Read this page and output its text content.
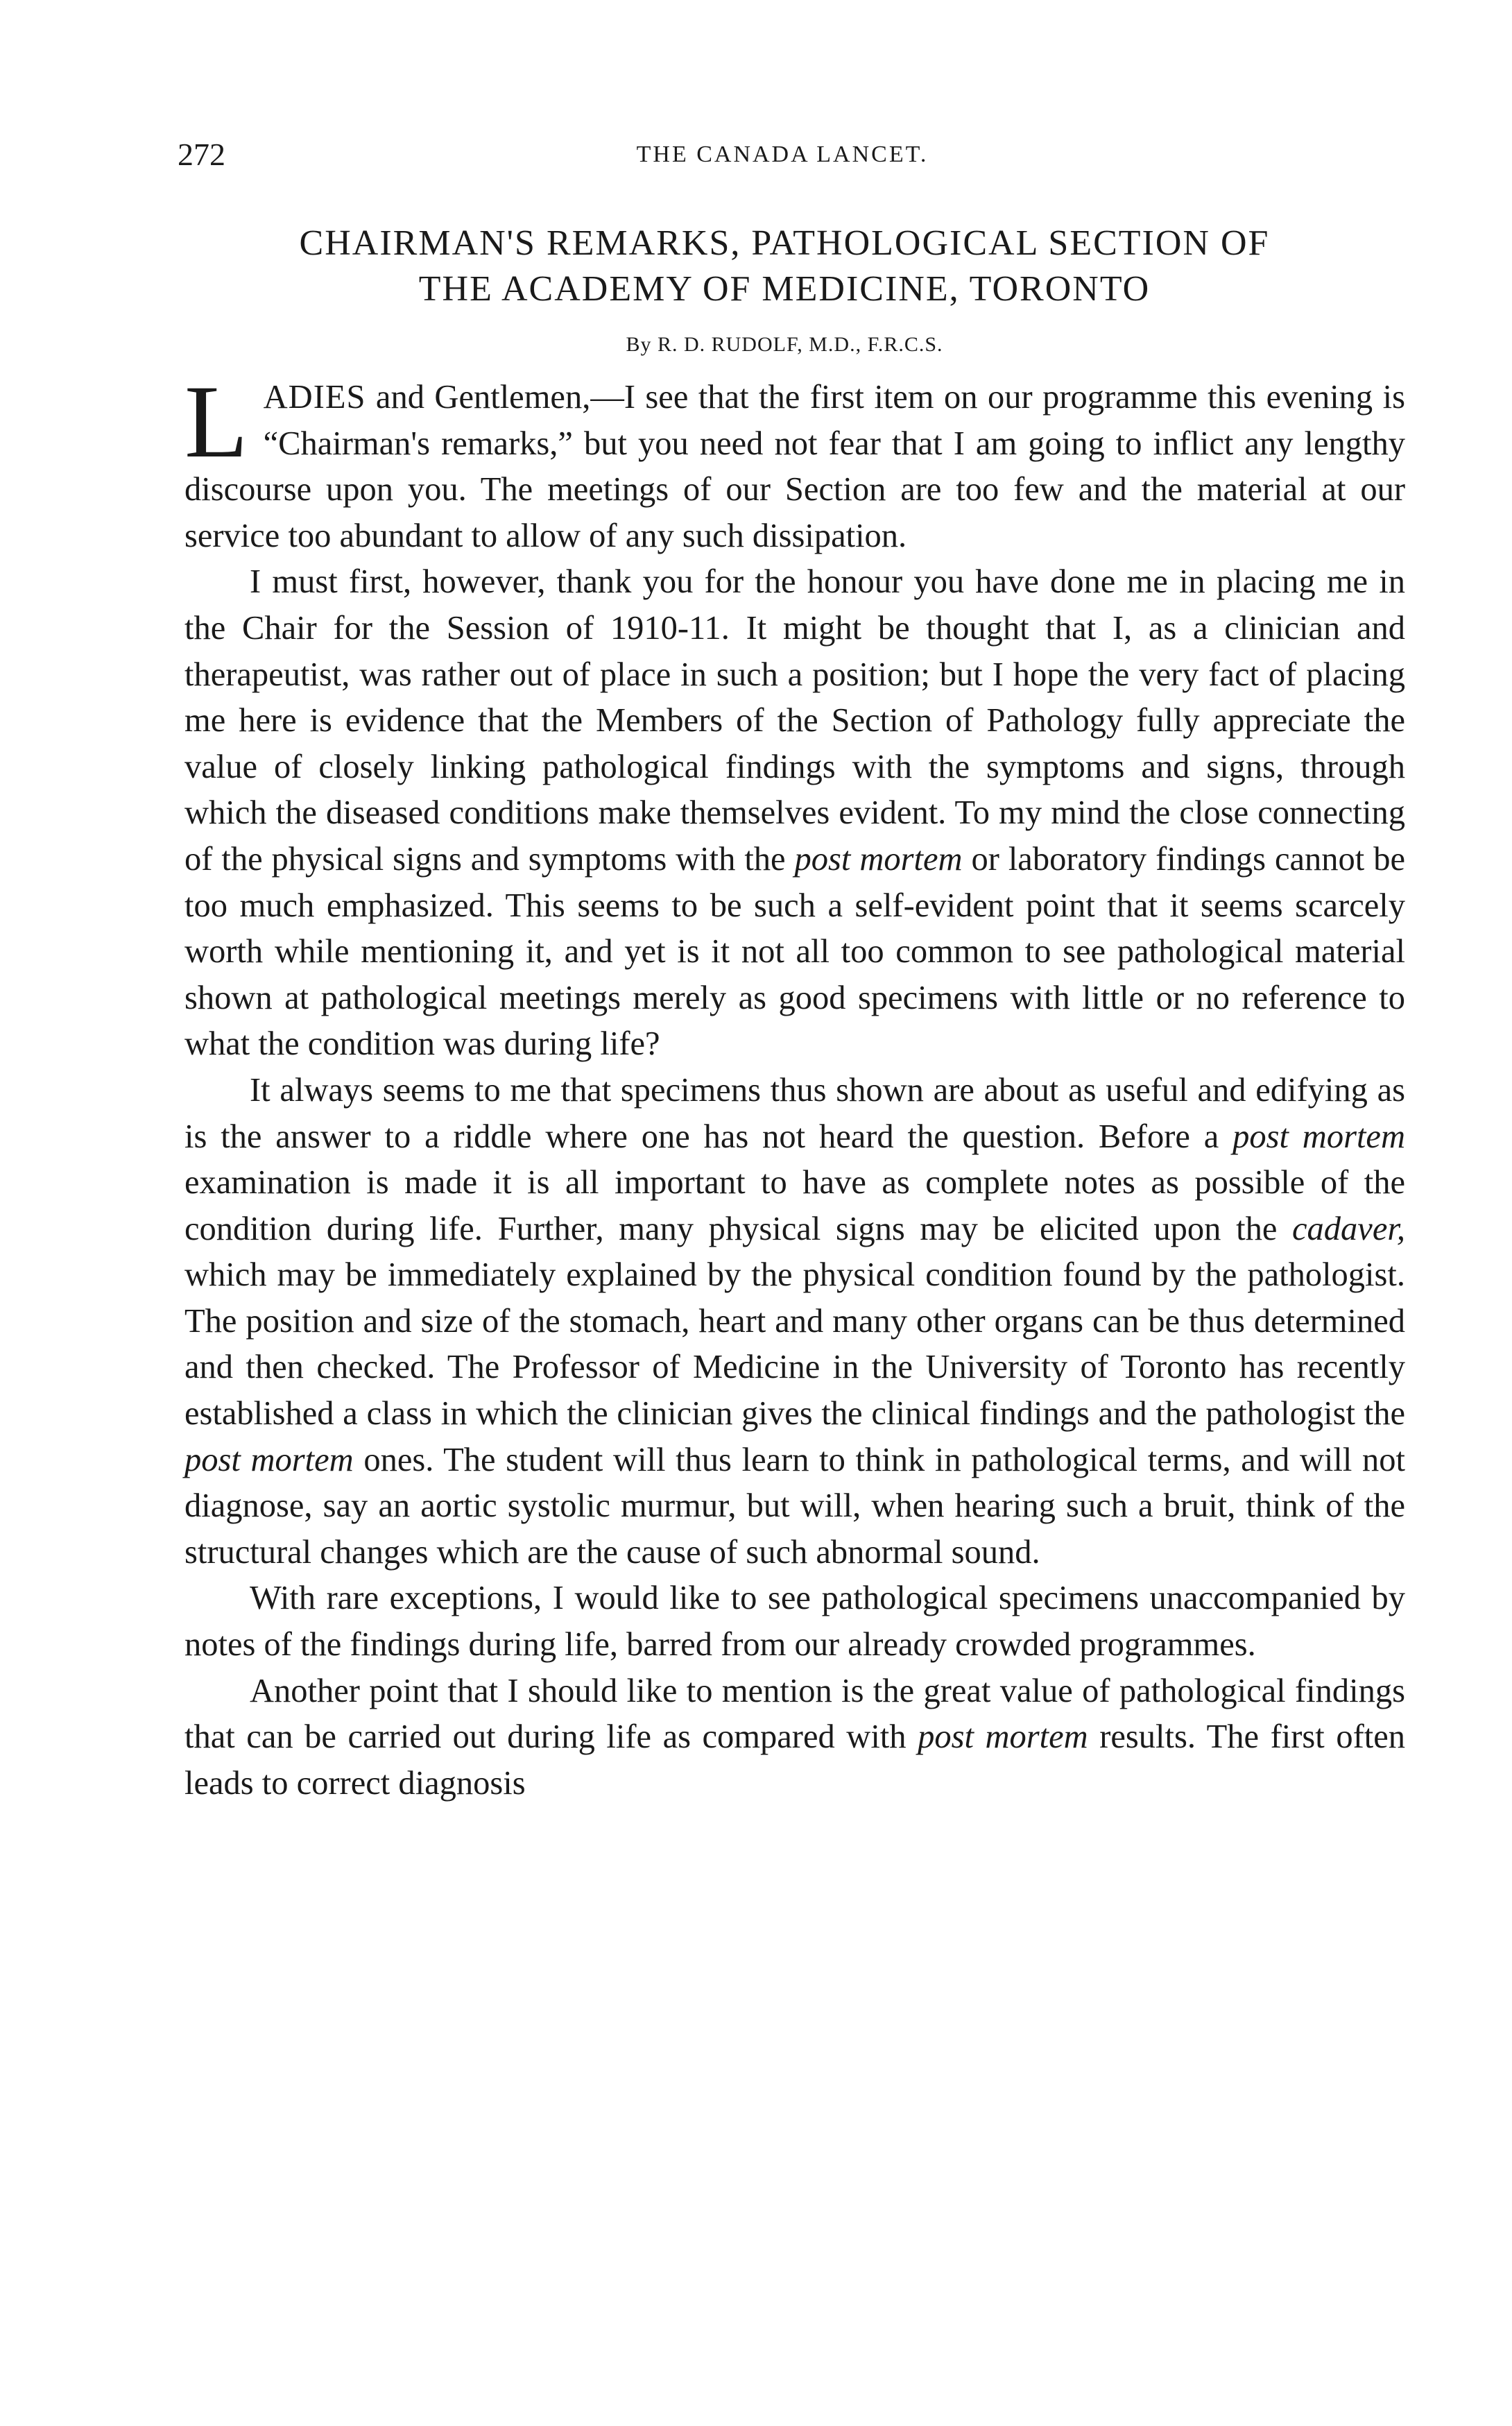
272	THE CANADA LANCET.
CHAIRMAN'S REMARKS, PATHOLOGICAL SECTION OF
THE ACADEMY OF MEDICINE, TORONTO
By R. D. RUDOLF, M.D., F.R.C.S.

LADIES and Gentlemen,—I see that the first item on our programme this evening is “Chairman's remarks,” but you need not fear that I am going to inflict any lengthy discourse upon you. The meetings of our Section are too few and the material at our service too abundant to allow of any such dissipation.

I must first, however, thank you for the honour you have done me in placing me in the Chair for the Session of 1910-11. It might be thought that I, as a clinician and therapeutist, was rather out of place in such a position; but I hope the very fact of placing me here is evidence that the Members of the Section of Pathology fully appreciate the value of closely linking pathological findings with the symptoms and signs, through which the diseased conditions make themselves evident. To my mind the close connecting of the physical signs and symptoms with the post mortem or laboratory findings cannot be too much emphasized. This seems to be such a self-evident point that it seems scarcely worth while mentioning it, and yet is it not all too common to see pathological material shown at pathological meetings merely as good specimens with little or no reference to what the condition was during life?

It always seems to me that specimens thus shown are about as useful and edifying as is the answer to a riddle where one has not heard the question. Before a post mortem examination is made it is all important to have as complete notes as possible of the condition during life. Further, many physical signs may be elicited upon the cadaver, which may be immediately explained by the physical condition found by the pathologist. The position and size of the stomach, heart and many other organs can be thus determined and then checked. The Professor of Medicine in the University of Toronto has recently established a class in which the clinician gives the clinical findings and the pathologist the post mortem ones. The student will thus learn to think in pathological terms, and will not diagnose, say an aortic systolic murmur, but will, when hearing such a bruit, think of the structural changes which are the cause of such abnormal sound.

With rare exceptions, I would like to see pathological specimens unaccompanied by notes of the findings during life, barred from our already crowded programmes.

Another point that I should like to mention is the great value of pathological findings that can be carried out during life as compared with post mortem results. The first often leads to correct diagnosis
